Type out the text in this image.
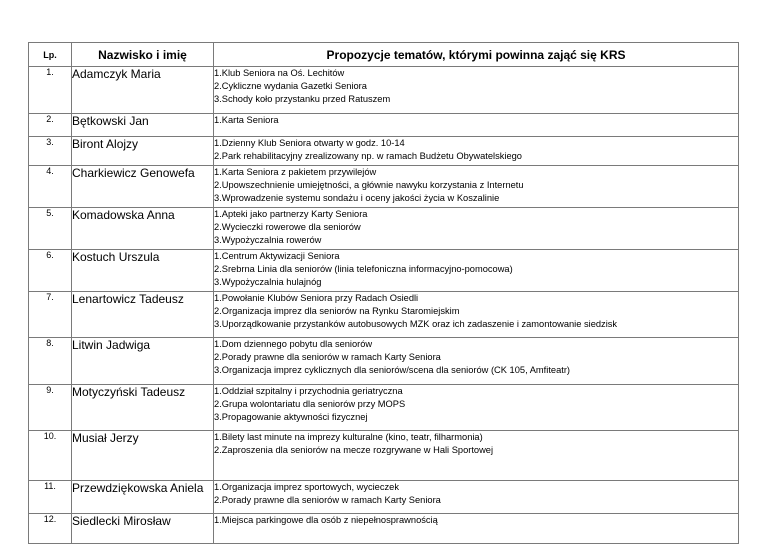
Lp.	Nazwisko i imię	Propozycje tematów, którymi powinna zająć się KRS
1.	Adamczyk Maria	1.Klub Seniora na Oś. Lechitów
2.Cykliczne wydania Gazetki Seniora
3.Schody koło przystanku przed Ratuszem

2.	Bętkowski Jan	1.Karta Seniora

3.	Biront Alojzy	1.Dzienny Klub Seniora otwarty w godz. 10-14
2.Park rehabilitacyjny zrealizowany np. w ramach Budżetu Obywatelskiego

4.	Charkiewicz Genowefa	1.Karta Seniora z pakietem przywilejów
2.Upowszechnienie umiejętności, a głównie nawyku korzystania z Internetu
3.Wprowadzenie systemu sondażu i oceny jakości życia w Koszalinie

5.	Komadowska Anna	1.Apteki jako partnerzy Karty Seniora
2.Wycieczki rowerowe dla seniorów
3.Wypożyczalnia rowerów

6.	Kostuch Urszula	1.Centrum Aktywizacji Seniora
2.Srebrna Linia dla seniorów (linia telefoniczna informacyjno-pomocowa)
3.Wypożyczalnia hulajnóg

7.	Lenartowicz Tadeusz	1.Powołanie Klubów Seniora przy Radach Osiedli
2.Organizacja imprez dla seniorów na Rynku Staromiejskim
3.Uporządkowanie przystanków autobusowych MZK oraz ich zadaszenie i zamontowanie siedzisk

8.	Litwin Jadwiga	1.Dom dziennego pobytu dla seniorów
2.Porady prawne dla seniorów w ramach Karty Seniora
3.Organizacja imprez cyklicznych dla seniorów/scena dla seniorów (CK 105, Amfiteatr)

9.	Motyczyński Tadeusz	1.Oddział szpitalny i przychodnia geriatryczna
2.Grupa wolontariatu dla seniorów przy MOPS
3.Propagowanie aktywności fizycznej

10.	Musiał Jerzy	1.Bilety last minute na imprezy kulturalne (kino, teatr, filharmonia)
2.Zaproszenia dla seniorów na mecze rozgrywane w Hali Sportowej

11.	Przewdziękowska Aniela	1.Organizacja imprez sportowych, wycieczek
2.Porady prawne dla seniorów w ramach Karty Seniora

12.	Siedlecki Mirosław	1.Miejsca parkingowe dla osób z niepełnosprawnością
